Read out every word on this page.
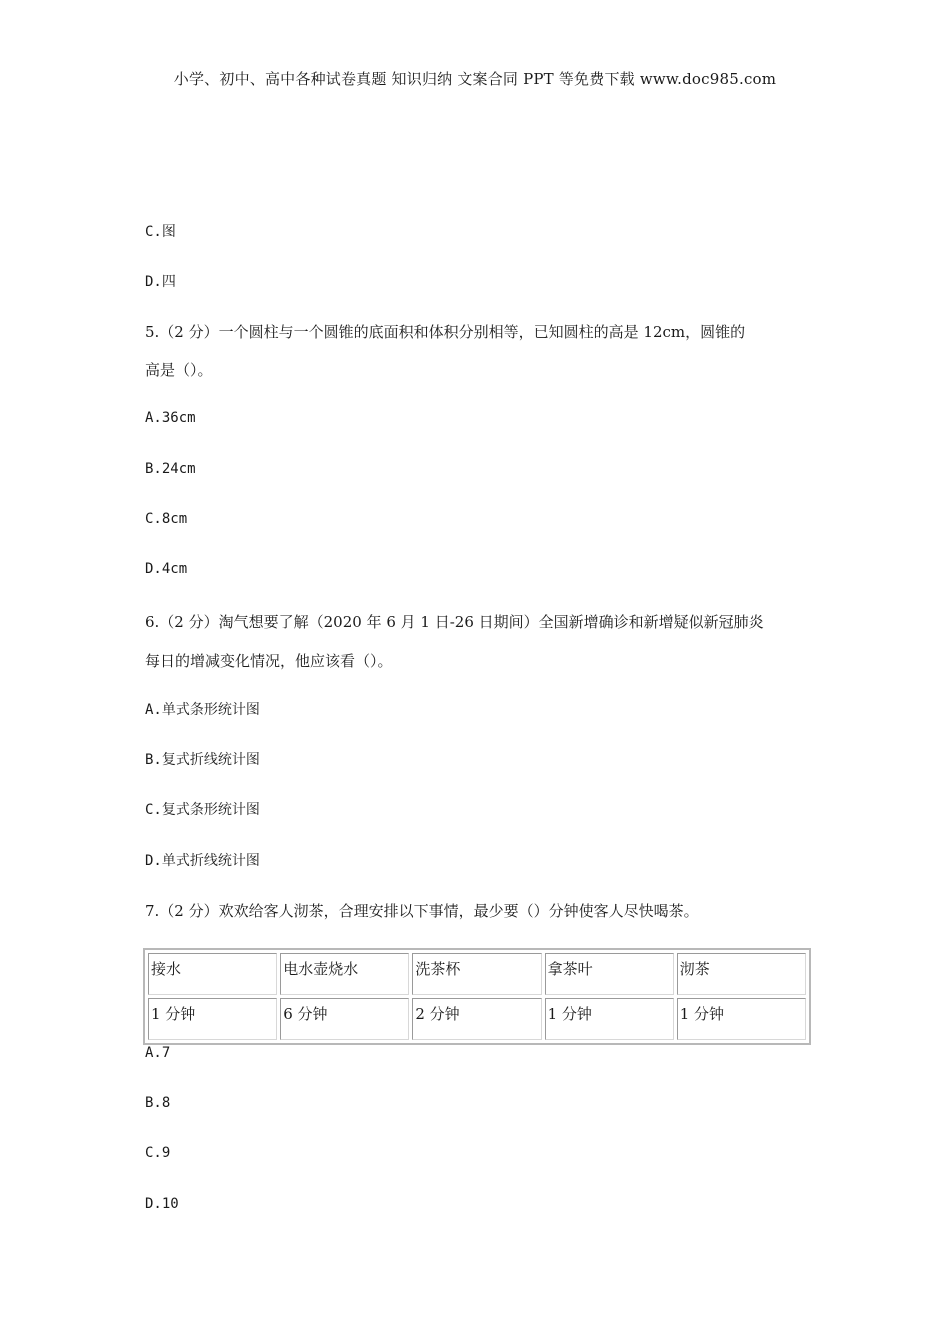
小学、初中、高中各种试卷真题 知识归纳 文案合同 PPT 等免费下载 www.doc985.com
C.图
D.四
5.（2 分）一个圆柱与一个圆锥的底面积和体积分别相等，已知圆柱的高是 12cm，圆锥的
高是（）。
A.36cm
B.24cm
C.8cm
D.4cm
6.（2 分）淘气想要了解（2020 年 6 月 1 日-26 日期间）全国新增确诊和新增疑似新冠肺炎
每日的增减变化情况，他应该看（）。
A.单式条形统计图
B.复式折线统计图
C.复式条形统计图
D.单式折线统计图
7.（2 分）欢欢给客人沏茶，合理安排以下事情，最少要（）分钟使客人尽快喝茶。
接水	电水壶烧水	洗茶杯	拿茶叶	沏茶
1 分钟	6 分钟	2 分钟	1 分钟	1 分钟
A.7
B.8
C.9
D.10
